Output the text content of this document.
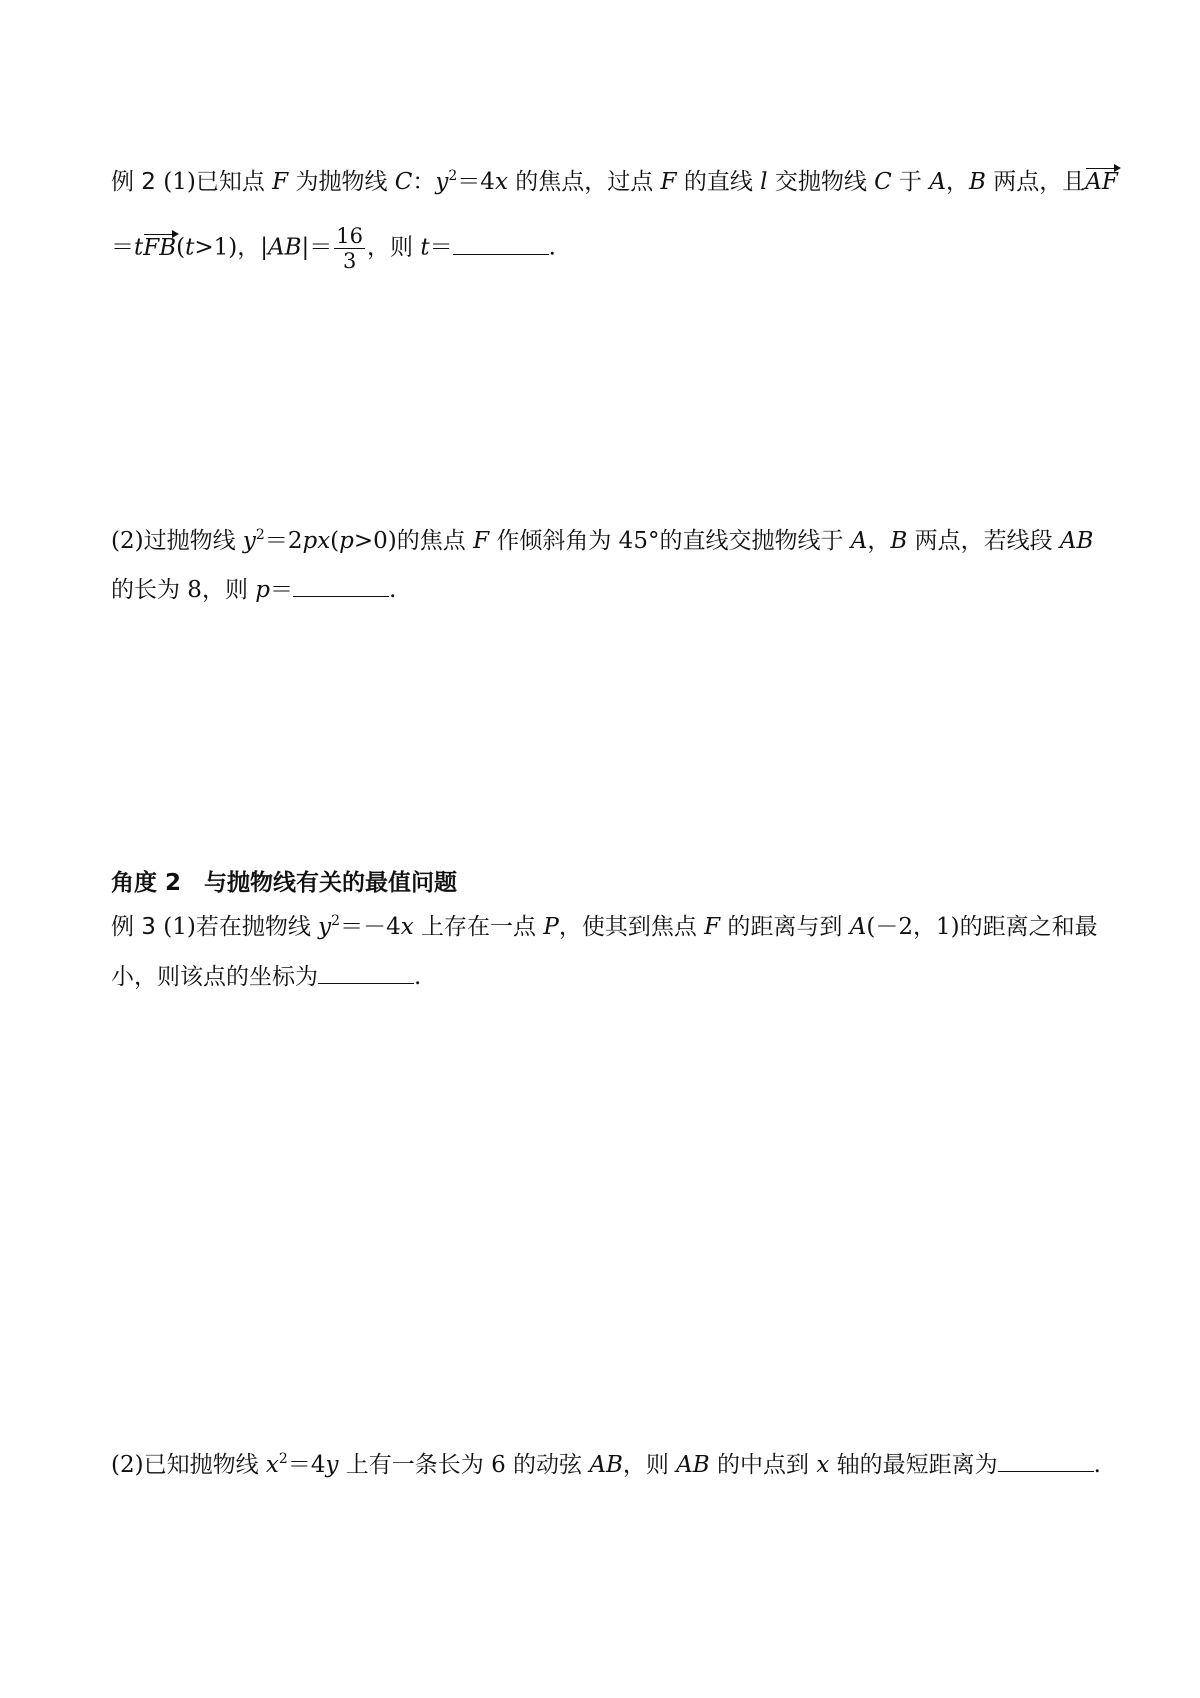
例 2 (1)已知点 F 为抛物线 C：$y^2=4x$ 的焦点，过点 F 的直线 l 交抛物线 C 于 A，B 两点，且AF
＝tFB(t>1)，$|AB|= \frac{16}{3}$ ，则 t＝	.
(2)过抛物线 $y^2=2px(p>0)$的焦点 F 作倾斜角为 45°的直线交抛物线于 A，B 两点，若线段 AB
的长为 8，则 p＝	.
角度 2　与抛物线有关的最值问题
例 3 (1)若在抛物线 $y^2=-4x$ 上存在一点 P，使其到焦点 F 的距离与到 A(－2，1)的距离之和最
小，则该点的坐标为	.
(2)已知抛物线 $x^2=4y$ 上有一条长为 6 的动弦 AB，则 AB 的中点到 x 轴的最短距离为	.
